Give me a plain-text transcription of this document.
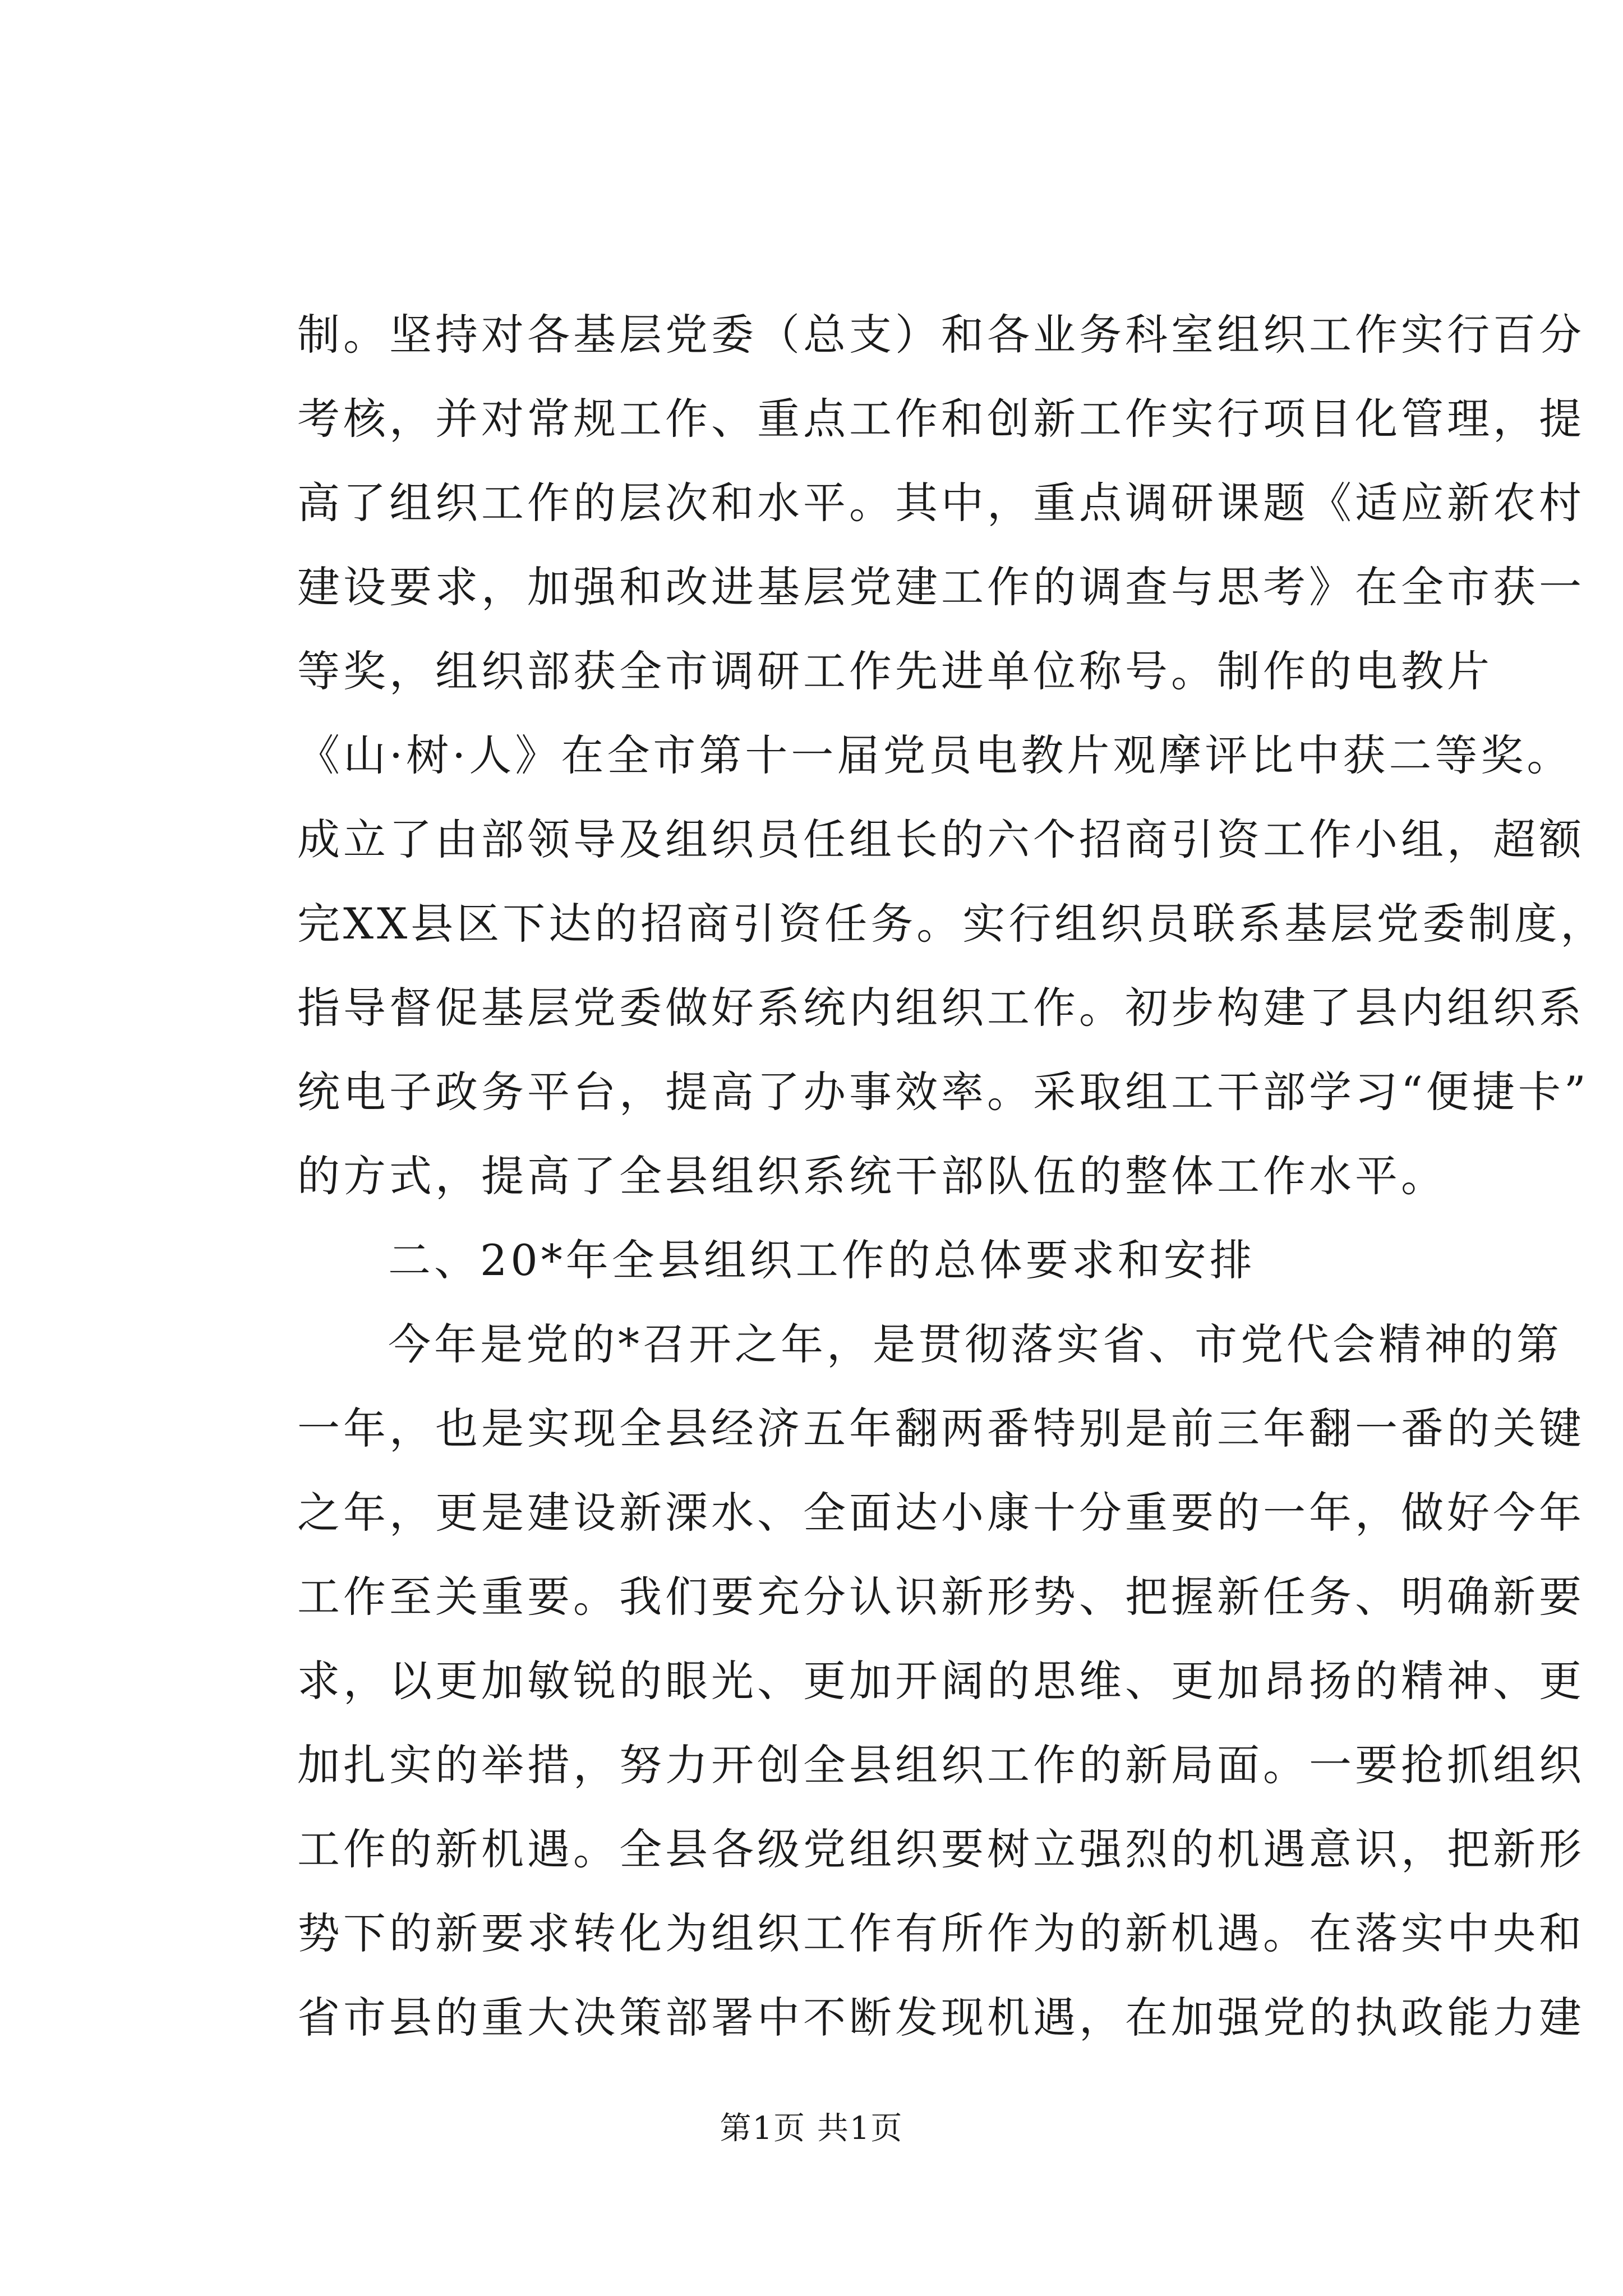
制。坚持对各基层党委（总支）和各业务科室组织工作实行百分
考核，并对常规工作、重点工作和创新工作实行项目化管理，提
高了组织工作的层次和水平。其中，重点调研课题《适应新农村
建设要求，加强和改进基层党建工作的调查与思考》在全市获一
等奖，组织部获全市调研工作先进单位称号。制作的电教片
《山·树·人》在全市第十一届党员电教片观摩评比中获二等奖。
成立了由部领导及组织员任组长的六个招商引资工作小组，超额
完XX县区下达的招商引资任务。实行组织员联系基层党委制度，
指导督促基层党委做好系统内组织工作。初步构建了县内组织系
统电子政务平台，提高了办事效率。采取组工干部学习“便捷卡”
的方式，提高了全县组织系统干部队伍的整体工作水平。
二、20*年全县组织工作的总体要求和安排
今年是党的*召开之年，是贯彻落实省、市党代会精神的第
一年，也是实现全县经济五年翻两番特别是前三年翻一番的关键
之年，更是建设新溧水、全面达小康十分重要的一年，做好今年
工作至关重要。我们要充分认识新形势、把握新任务、明确新要
求，以更加敏锐的眼光、更加开阔的思维、更加昂扬的精神、更
加扎实的举措，努力开创全县组织工作的新局面。一要抢抓组织
工作的新机遇。全县各级党组织要树立强烈的机遇意识，把新形
势下的新要求转化为组织工作有所作为的新机遇。在落实中央和
省市县的重大决策部署中不断发现机遇，在加强党的执政能力建
第1页 共1页
